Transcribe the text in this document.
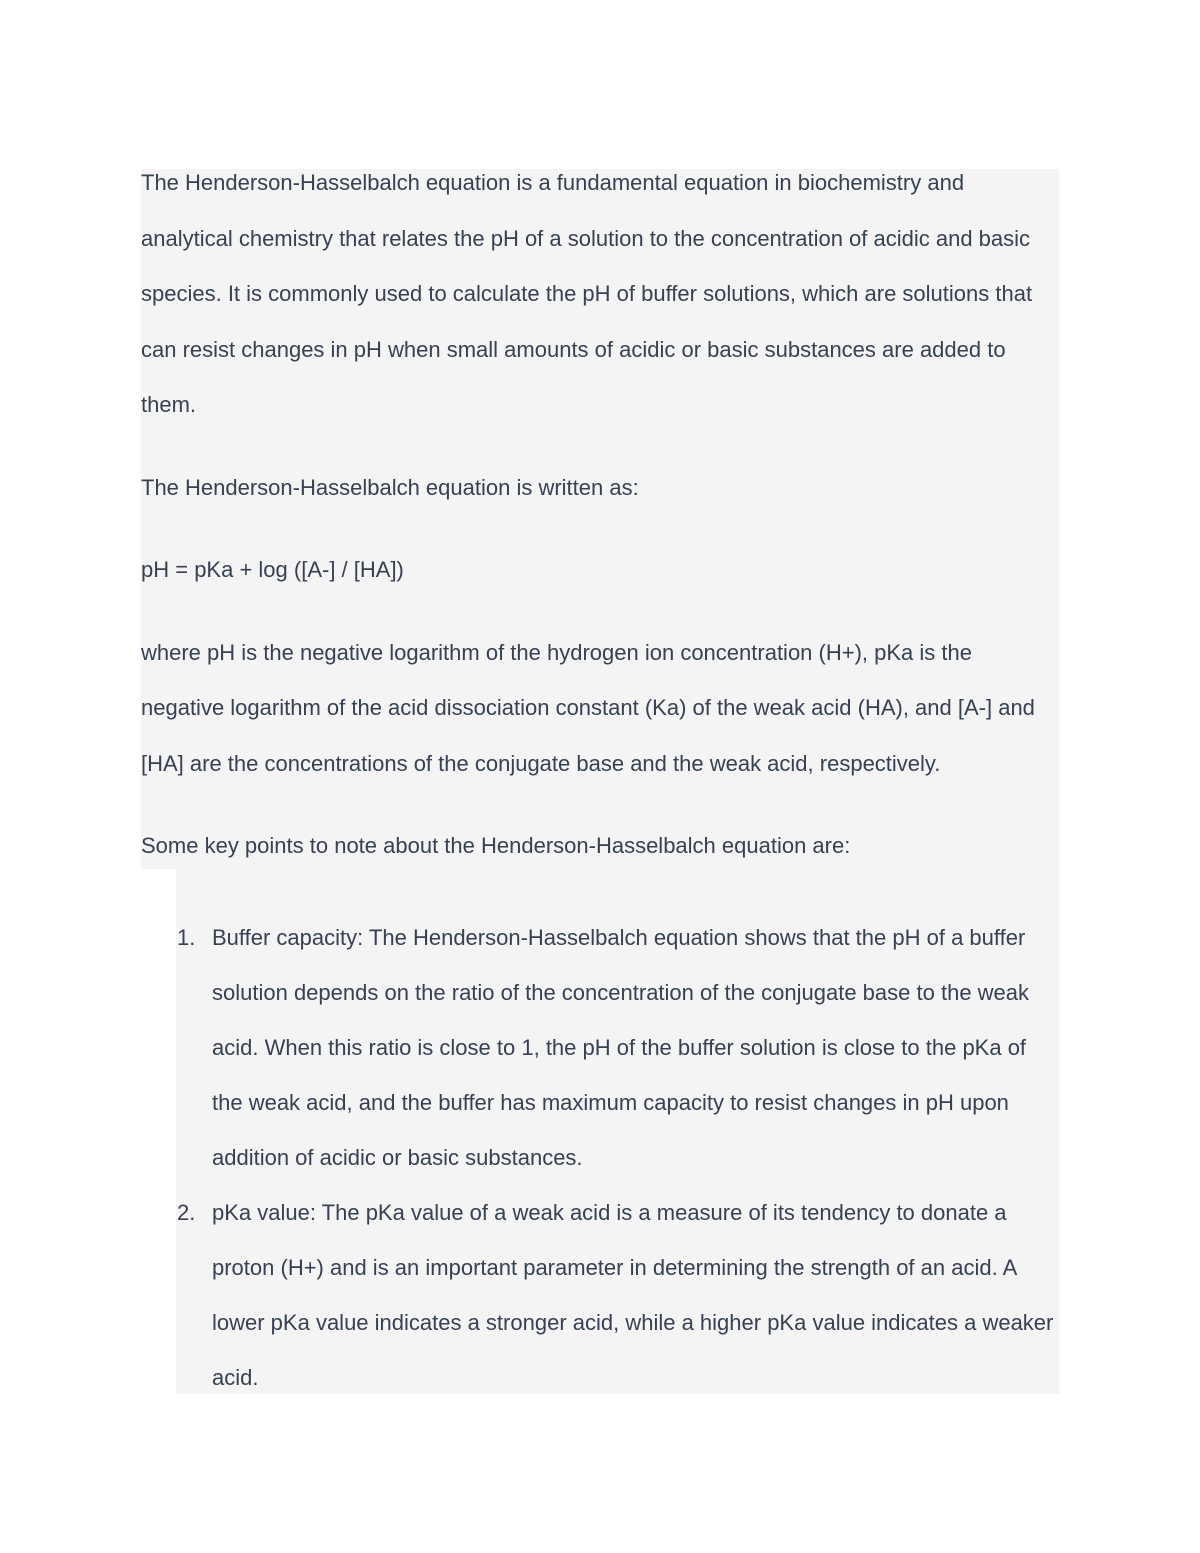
The Henderson-Hasselbalch equation is a fundamental equation in biochemistry and analytical chemistry that relates the pH of a solution to the concentration of acidic and basic species. It is commonly used to calculate the pH of buffer solutions, which are solutions that can resist changes in pH when small amounts of acidic or basic substances are added to them.

The Henderson-Hasselbalch equation is written as:

pH = pKa + log ([A-] / [HA])

where pH is the negative logarithm of the hydrogen ion concentration (H+), pKa is the negative logarithm of the acid dissociation constant (Ka) of the weak acid (HA), and [A-] and [HA] are the concentrations of the conjugate base and the weak acid, respectively.

Some key points to note about the Henderson-Hasselbalch equation are:

1. Buffer capacity: The Henderson-Hasselbalch equation shows that the pH of a buffer solution depends on the ratio of the concentration of the conjugate base to the weak acid. When this ratio is close to 1, the pH of the buffer solution is close to the pKa of the weak acid, and the buffer has maximum capacity to resist changes in pH upon addition of acidic or basic substances.
2. pKa value: The pKa value of a weak acid is a measure of its tendency to donate a proton (H+) and is an important parameter in determining the strength of an acid. A lower pKa value indicates a stronger acid, while a higher pKa value indicates a weaker acid.
